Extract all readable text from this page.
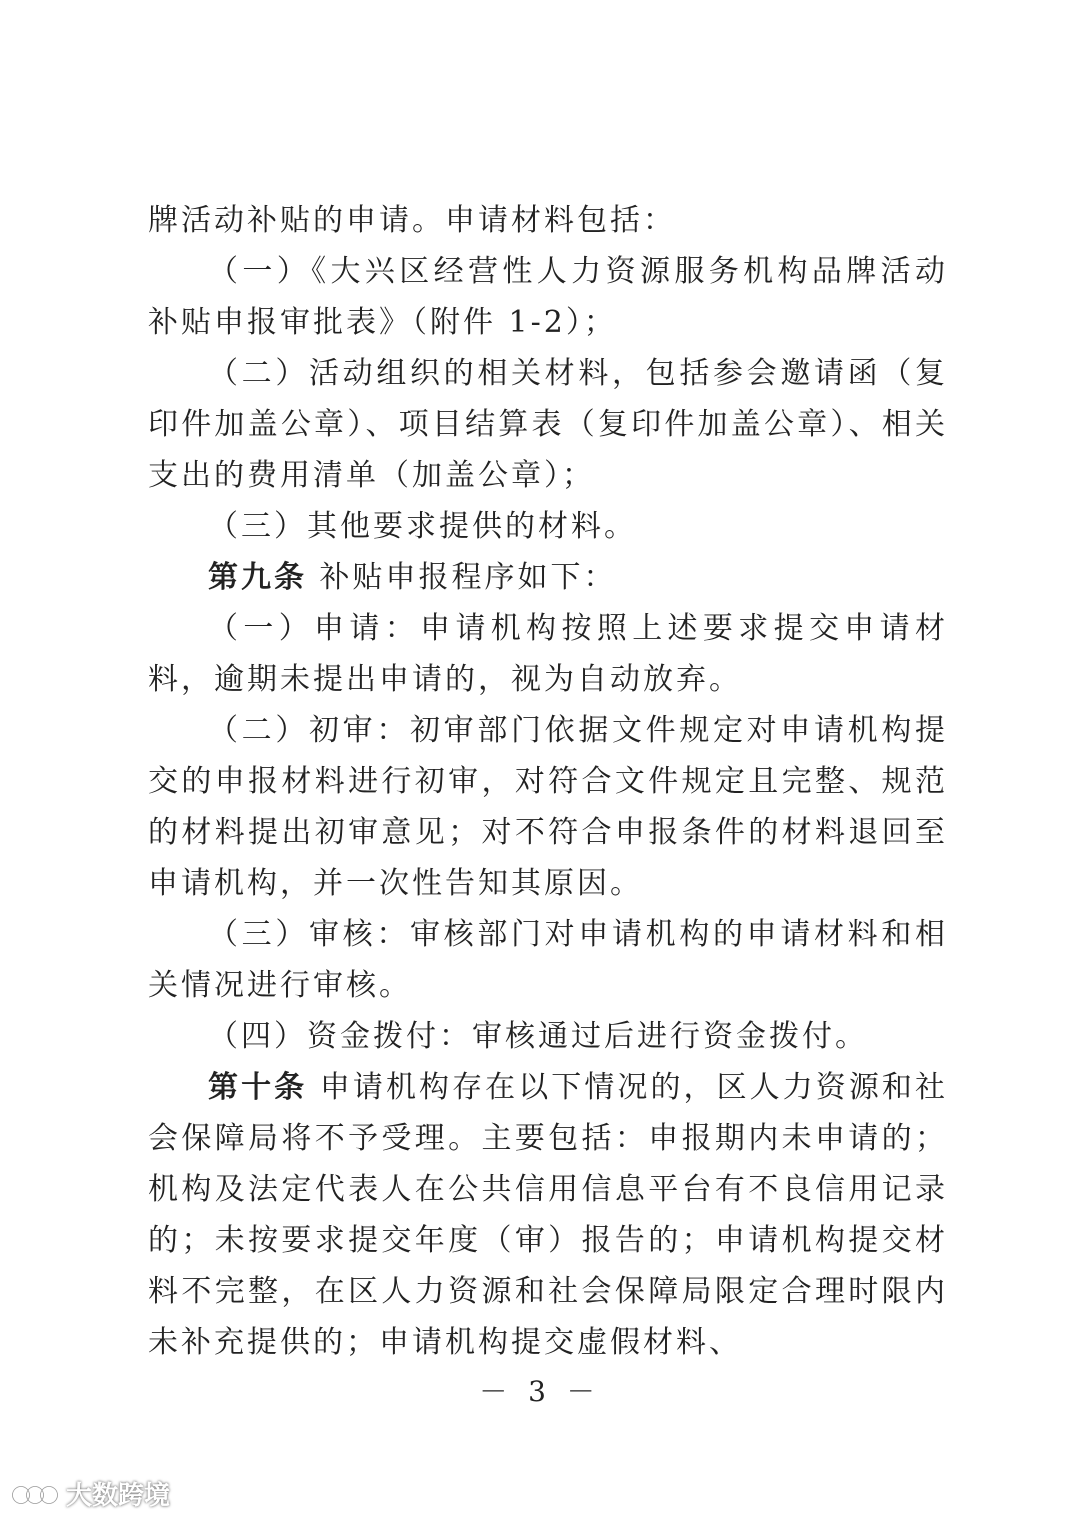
牌活动补贴的申请。申请材料包括：

（一）《大兴区经营性人力资源服务机构品牌活动补贴申报审批表》（附件 1-2）；

（二）活动组织的相关材料，包括参会邀请函（复印件加盖公章）、项目结算表（复印件加盖公章）、相关支出的费用清单（加盖公章）；

（三）其他要求提供的材料。

第九条 补贴申报程序如下：

（一）申请：申请机构按照上述要求提交申请材料，逾期未提出申请的，视为自动放弃。

（二）初审：初审部门依据文件规定对申请机构提交的申报材料进行初审，对符合文件规定且完整、规范的材料提出初审意见；对不符合申报条件的材料退回至申请机构，并一次性告知其原因。

（三）审核：审核部门对申请机构的申请材料和相关情况进行审核。

（四）资金拨付：审核通过后进行资金拨付。

第十条 申请机构存在以下情况的，区人力资源和社会保障局将不予受理。主要包括：申报期内未申请的；机构及法定代表人在公共信用信息平台有不良信用记录的；未按要求提交年度（审）报告的；申请机构提交材料不完整，在区人力资源和社会保障局限定合理时限内未补充提供的；申请机构提交虚假材料、

－ 3 －
大数跨境
